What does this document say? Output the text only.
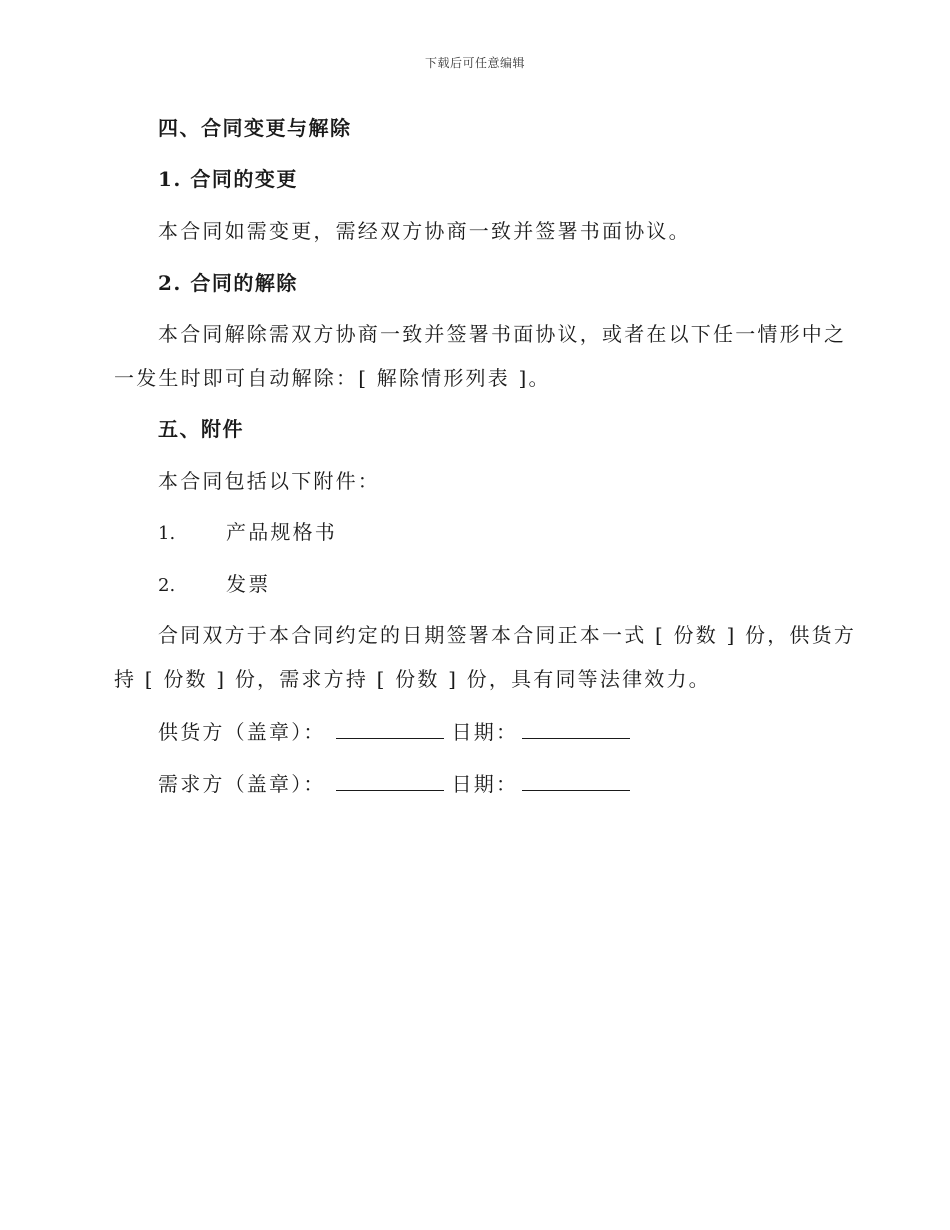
下载后可任意编辑
四、合同变更与解除
1. 合同的变更
本合同如需变更，需经双方协商一致并签署书面协议。
2. 合同的解除
本合同解除需双方协商一致并签署书面协议，或者在以下任一情形中之
一发生时即可自动解除：[ 解除情形列表 ]。
五、附件
本合同包括以下附件：
1.	产品规格书
2.	发票
合同双方于本合同约定的日期签署本合同正本一式 [ 份数 ] 份，供货方
持 [ 份数 ] 份，需求方持 [ 份数 ] 份，具有同等法律效力。
供货方（盖章）：	日期：
需求方（盖章）：	日期：
